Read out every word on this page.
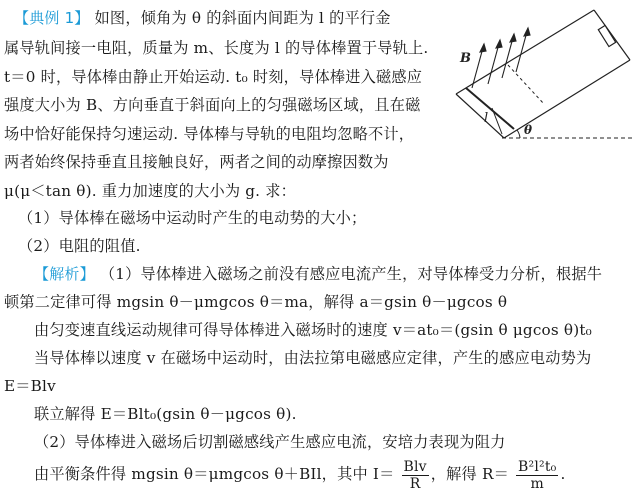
【典例 1】 如图，倾角为 θ 的斜面内间距为 l 的平行金
属导轨间接一电阻，质量为 m、长度为 l 的导体棒置于导轨上.
t＝0 时，导体棒由静止开始运动. t₀ 时刻，导体棒进入磁感应
强度大小为 B、方向垂直于斜面向上的匀强磁场区域，且在磁
场中恰好能保持匀速运动. 导体棒与导轨的电阻均忽略不计，
两者始终保持垂直且接触良好，两者之间的动摩擦因数为
μ(μ＜tan θ). 重力加速度的大小为 g. 求：
（1）导体棒在磁场中运动时产生的电动势的大小；
（2）电阻的阻值.
B
l
θ
【解析】 （1）导体棒进入磁场之前没有感应电流产生，对导体棒受力分析，根据牛
顿第二定律可得 mgsin θ－μmgcos θ＝ma，解得 a＝gsin θ－μgcos θ
由匀变速直线运动规律可得导体棒进入磁场时的速度 v＝at₀＝(gsin θ μgcos θ)t₀
当导体棒以速度 v 在磁场中运动时，由法拉第电磁感应定律，产生的感应电动势为
E＝Blv
联立解得 E＝Blt₀(gsin θ－μgcos θ).
（2）导体棒进入磁场后切割磁感线产生感应电流，安培力表现为阻力
由平衡条件得 mgsin θ＝μmgcos θ＋BIl，其中 $I= \frac{\text{Blv}}{R}$ ，解得 $R= \frac{\text{B²l²t₀}}{m}$ .
